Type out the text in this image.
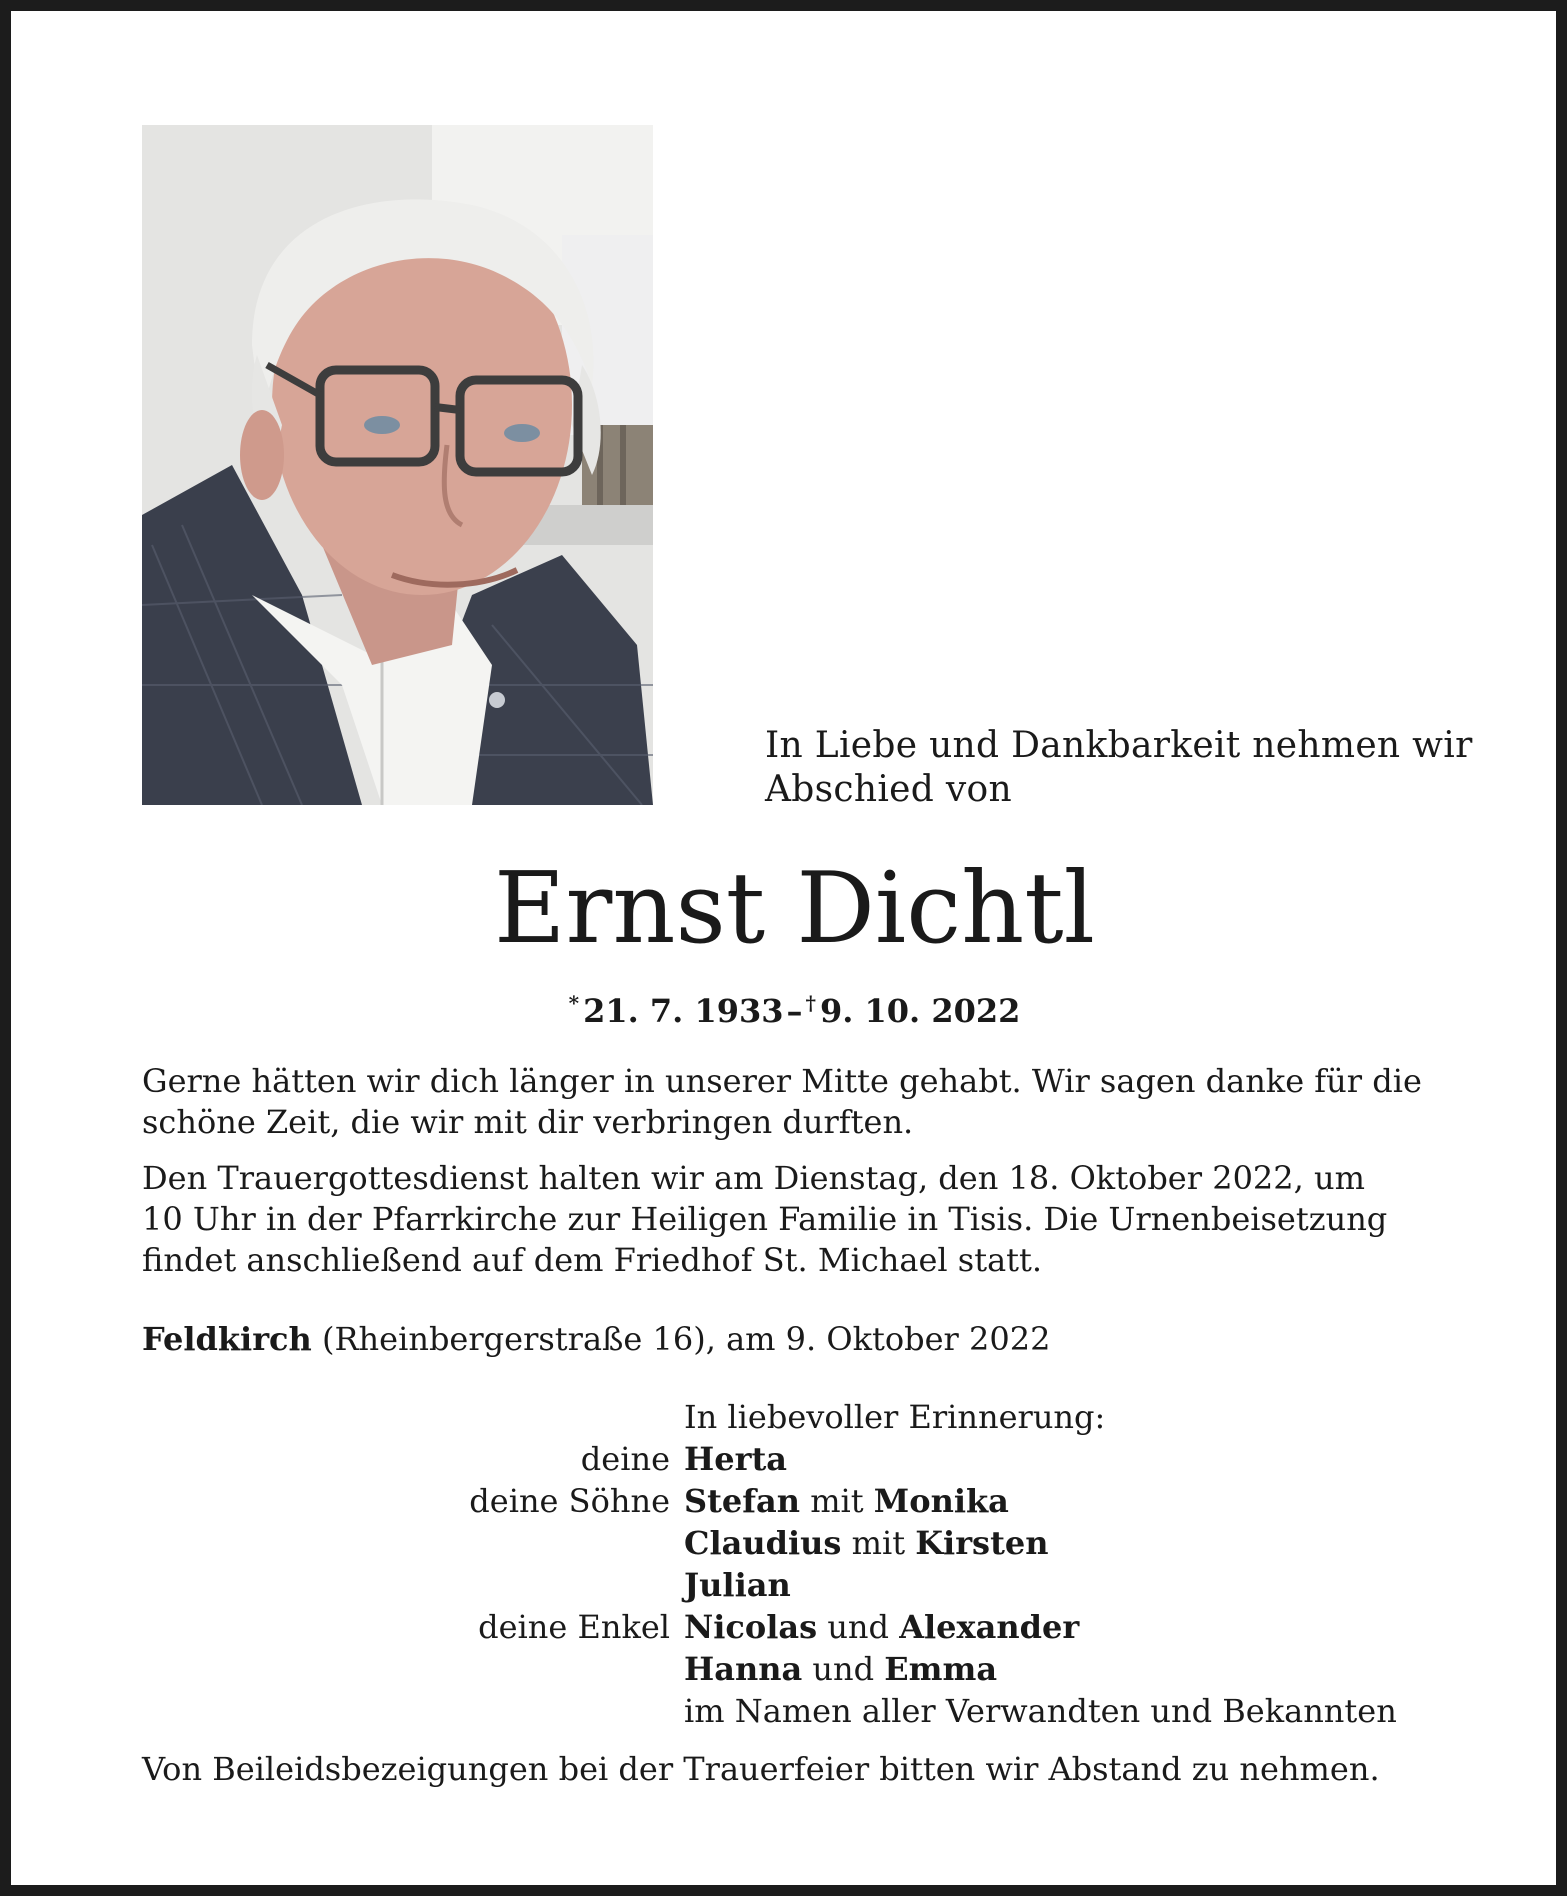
In Liebe und Dankbarkeit nehmen wir
Abschied von
Ernst Dichtl
* 21. 7. 1933– † 9. 10. 2022
Gerne hätten wir dich länger in unserer Mitte gehabt. Wir sagen danke für die
schöne Zeit, die wir mit dir verbringen durften.
Den Trauergottesdienst halten wir am Dienstag, den 18. Oktober 2022, um
10 Uhr in der Pfarrkirche zur Heiligen Familie in Tisis. Die Urnenbeisetzung
findet anschließend auf dem Friedhof St. Michael statt.
Feldkirch (Rheinbergerstraße 16), am 9. Oktober 2022
In liebevoller Erinnerung:
deine Herta
deine Söhne Stefan mit Monika
Claudius mit Kirsten
Julian
deine Enkel Nicolas und Alexander
Hanna und Emma
im Namen aller Verwandten und Bekannten
Von Beileidsbezeigungen bei der Trauerfeier bitten wir Abstand zu nehmen.
